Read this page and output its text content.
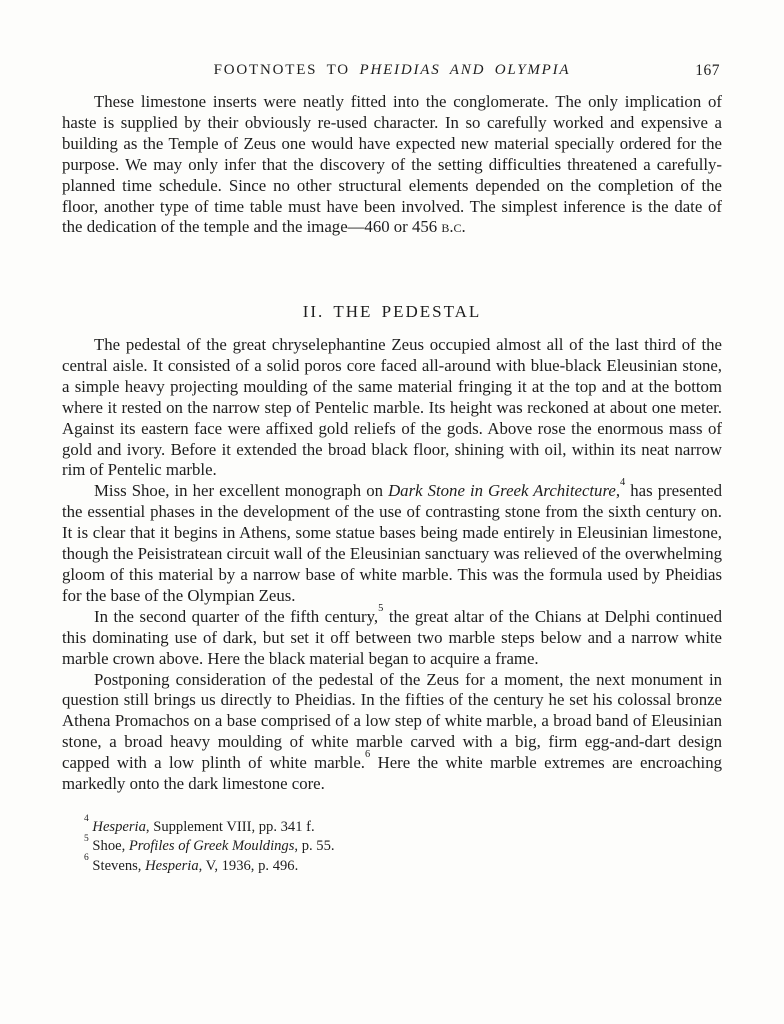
FOOTNOTES TO PHEIDIAS AND OLYMPIA	167

These limestone inserts were neatly fitted into the conglomerate. The only implication of haste is supplied by their obviously re-used character. In so carefully worked and expensive a building as the Temple of Zeus one would have expected new material specially ordered for the purpose. We may only infer that the discovery of the setting difficulties threatened a carefully-planned time schedule. Since no other structural elements depended on the completion of the floor, another type of time table must have been involved. The simplest inference is the date of the dedication of the temple and the image—460 or 456 b.c.

II. THE PEDESTAL

The pedestal of the great chryselephantine Zeus occupied almost all of the last third of the central aisle. It consisted of a solid poros core faced all-around with blue-black Eleusinian stone, a simple heavy projecting moulding of the same material fringing it at the top and at the bottom where it rested on the narrow step of Pentelic marble. Its height was reckoned at about one meter. Against its eastern face were affixed gold reliefs of the gods. Above rose the enormous mass of gold and ivory. Before it extended the broad black floor, shining with oil, within its neat narrow rim of Pentelic marble.

Miss Shoe, in her excellent monograph on Dark Stone in Greek Architecture,$^4$ has presented the essential phases in the development of the use of contrasting stone from the sixth century on. It is clear that it begins in Athens, some statue bases being made entirely in Eleusinian limestone, though the Peisistratean circuit wall of the Eleusinian sanctuary was relieved of the overwhelming gloom of this material by a narrow base of white marble. This was the formula used by Pheidias for the base of the Olympian Zeus.

In the second quarter of the fifth century,$^5$ the great altar of the Chians at Delphi continued this dominating use of dark, but set it off between two marble steps below and a narrow white marble crown above. Here the black material began to acquire a frame.

Postponing consideration of the pedestal of the Zeus for a moment, the next monument in question still brings us directly to Pheidias. In the fifties of the century he set his colossal bronze Athena Promachos on a base comprised of a low step of white marble, a broad band of Eleusinian stone, a broad heavy moulding of white marble carved with a big, firm egg-and-dart design capped with a low plinth of white marble.$^6$ Here the white marble extremes are encroaching markedly onto the dark limestone core.

$^4$ Hesperia, Supplement VIII, pp. 341 f.
$^5$ Shoe, Profiles of Greek Mouldings, p. 55.
$^6$ Stevens, Hesperia, V, 1936, p. 496.
